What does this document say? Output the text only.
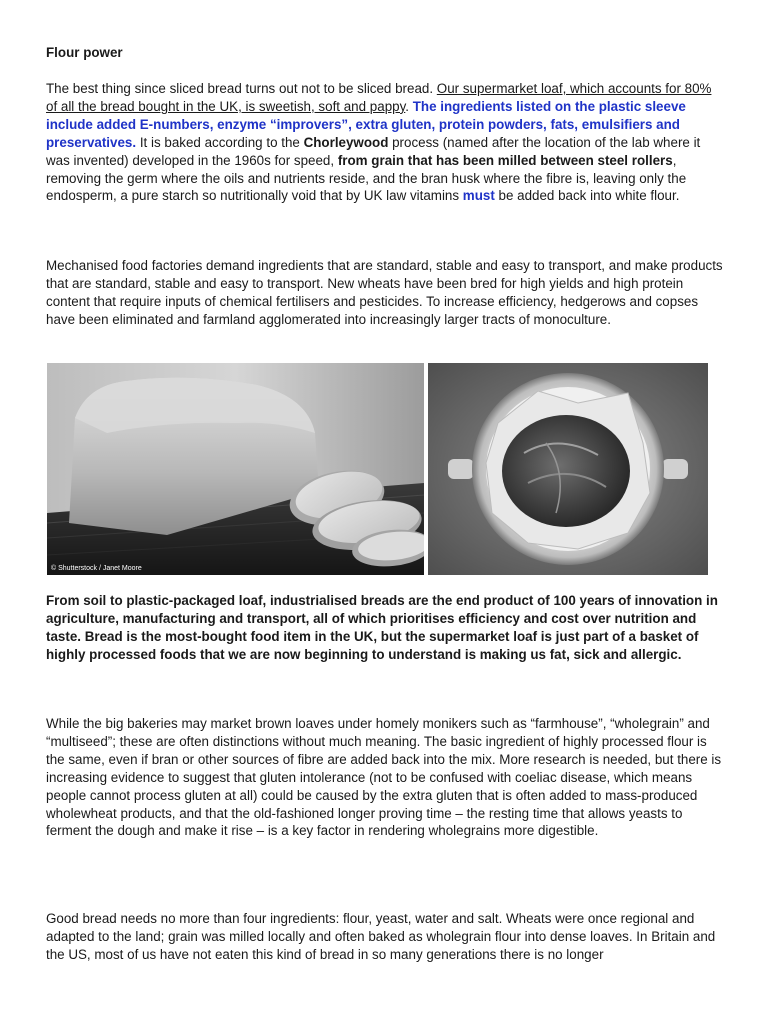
Flour power

The best thing since sliced bread turns out not to be sliced bread. Our supermarket loaf, which accounts for 80% of all the bread bought in the UK, is sweetish, soft and pappy. The ingredients listed on the plastic sleeve include added E-numbers, enzyme “improvers”, extra gluten, protein powders, fats, emulsifiers and preservatives. It is baked according to the Chorleywood process (named after the location of the lab where it was invented) developed in the 1960s for speed, from grain that has been milled between steel rollers, removing the germ where the oils and nutrients reside, and the bran husk where the fibre is, leaving only the endosperm, a pure starch so nutritionally void that by UK law vitamins must be added back into white flour.

Mechanised food factories demand ingredients that are standard, stable and easy to transport, and make products that are standard, stable and easy to transport. New wheats have been bred for high yields and high protein content that require inputs of chemical fertilisers and pesticides. To increase efficiency, hedgerows and copses have been eliminated and farmland agglomerated into increasingly larger tracts of monoculture.

© Shutterstock / Janet Moore

From soil to plastic-packaged loaf, industrialised breads are the end product of 100 years of innovation in agriculture, manufacturing and transport, all of which prioritises efficiency and cost over nutrition and taste. Bread is the most-bought food item in the UK, but the supermarket loaf is just part of a basket of highly processed foods that we are now beginning to understand is making us fat, sick and allergic.

While the big bakeries may market brown loaves under homely monikers such as “farmhouse”, “wholegrain” and “multiseed”; these are often distinctions without much meaning. The basic ingredient of highly processed flour is the same, even if bran or other sources of fibre are added back into the mix. More research is needed, but there is increasing evidence to suggest that gluten intolerance (not to be confused with coeliac disease, which means people cannot process gluten at all) could be caused by the extra gluten that is often added to mass-produced wholewheat products, and that the old-fashioned longer proving time – the resting time that allows yeasts to ferment the dough and make it rise – is a key factor in rendering wholegrains more digestible.

Good bread needs no more than four ingredients: flour, yeast, water and salt. Wheats were once regional and adapted to the land; grain was milled locally and often baked as wholegrain flour into dense loaves. In Britain and the US, most of us have not eaten this kind of bread in so many generations there is no longer
